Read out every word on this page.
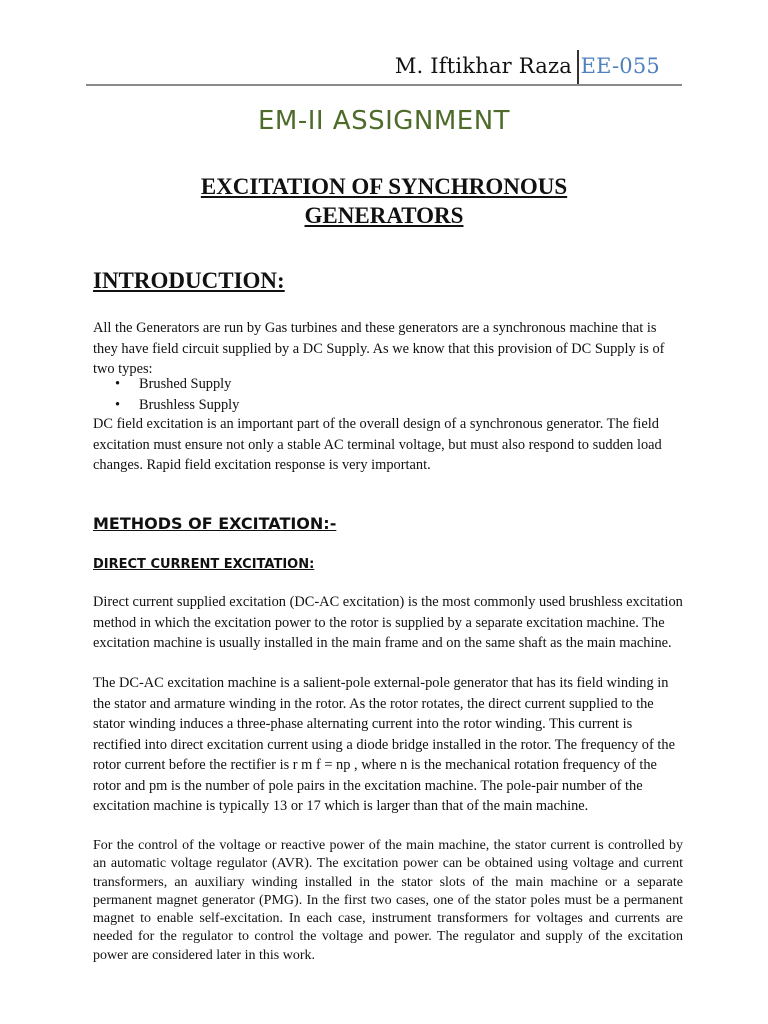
M. Iftikhar Raza EE-055
EM-II ASSIGNMENT
EXCITATION OF SYNCHRONOUS
GENERATORS
INTRODUCTION:
All the Generators are run by Gas turbines and these generators are a synchronous machine that is they have field circuit supplied by a DC Supply. As we know that this provision of DC Supply is of two types:
• Brushed Supply
• Brushless Supply
DC field excitation is an important part of the overall design of a synchronous generator. The field excitation must ensure not only a stable AC terminal voltage, but must also respond to sudden load changes. Rapid field excitation response is very important.
METHODS OF EXCITATION:-
DIRECT CURRENT EXCITATION:
Direct current supplied excitation (DC-AC excitation) is the most commonly used brushless excitation method in which the excitation power to the rotor is supplied by a separate excitation machine. The excitation machine is usually installed in the main frame and on the same shaft as the main machine.
The DC-AC excitation machine is a salient-pole external-pole generator that has its field winding in the stator and armature winding in the rotor. As the rotor rotates, the direct current supplied to the stator winding induces a three-phase alternating current into the rotor winding. This current is rectified into direct excitation current using a diode bridge installed in the rotor. The frequency of the rotor current before the rectifier is r m f = np , where n is the mechanical rotation frequency of the rotor and pm is the number of pole pairs in the excitation machine. The pole-pair number of the excitation machine is typically 13 or 17 which is larger than that of the main machine.
For the control of the voltage or reactive power of the main machine, the stator current is controlled by an automatic voltage regulator (AVR). The excitation power can be obtained using voltage and current transformers, an auxiliary winding installed in the stator slots of the main machine or a separate permanent magnet generator (PMG). In the first two cases, one of the stator poles must be a permanent magnet to enable self-excitation. In each case, instrument transformers for voltages and currents are needed for the regulator to control the voltage and power. The regulator and supply of the excitation power are considered later in this work.
